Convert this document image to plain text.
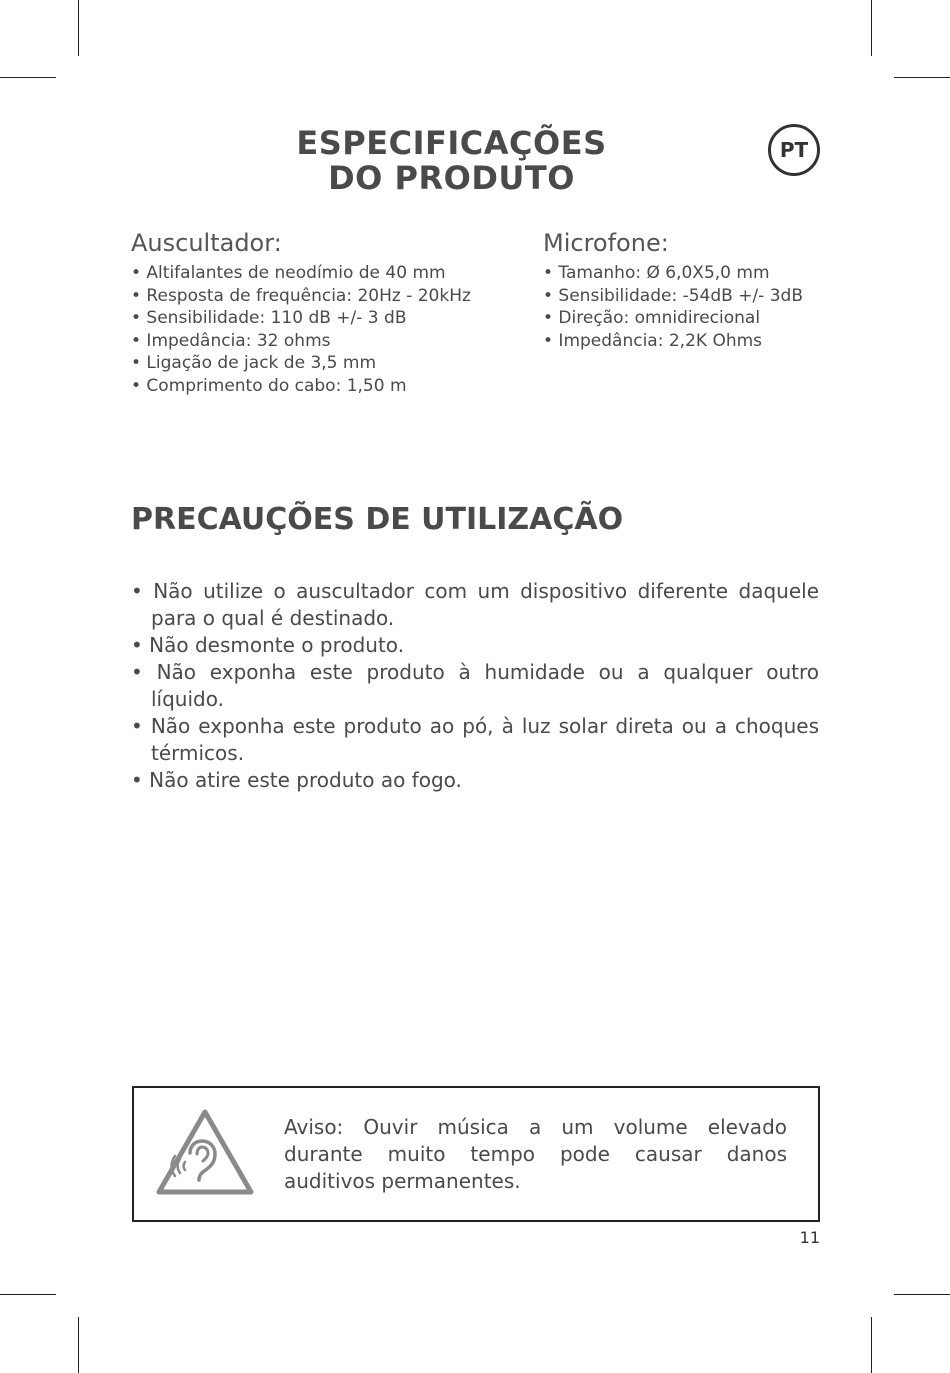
ESPECIFICAÇÕES
DO PRODUTO
PT
Auscultador:
• Altifalantes de neodímio de 40 mm
• Resposta de frequência: 20Hz - 20kHz
• Sensibilidade: 110 dB +/- 3 dB
• Impedância: 32 ohms
• Ligação de jack de 3,5 mm
• Comprimento do cabo: 1,50 m
Microfone:
• Tamanho: Ø 6,0X5,0 mm
• Sensibilidade: -54dB +/- 3dB
• Direção: omnidirecional
• Impedância: 2,2K Ohms
PRECAUÇÕES DE UTILIZAÇÃO
• Não utilize o auscultador com um dispositivo diferente daquele para o qual é destinado.
• Não desmonte o produto.
• Não exponha este produto à humidade ou a qualquer outro líquido.
• Não exponha este produto ao pó, à luz solar direta ou a choques térmicos.
• Não atire este produto ao fogo.
Aviso: Ouvir música a um volume elevado durante muito tempo pode causar danos auditivos permanentes.
11
